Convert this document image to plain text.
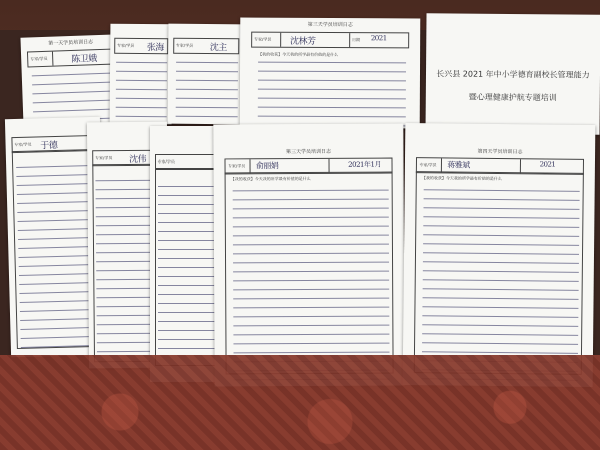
第一天学员培训日志
专家/学员	陈卫娥
专家/学员 张海	专家/学员 沈主
第三天学员培训日志
专家/学员 沈林芳	日期 2021
【我的收获】今天我的所学最有价值的是什么
长兴县 2021 年中小学德育副校长管理能力
暨心理健康护航专题培训
专家/学员 于德
专家/学员 沈伟	专家/学员
第三天学员培训日志
专家/学员 俞丽娟	2021年1月
【我的收获】今天我的所学最有价值的是什么
第四天学员培训日志
专家/学员 蒋雅斌	2021
【我的收获】今天我的所学最有价值的是什么
